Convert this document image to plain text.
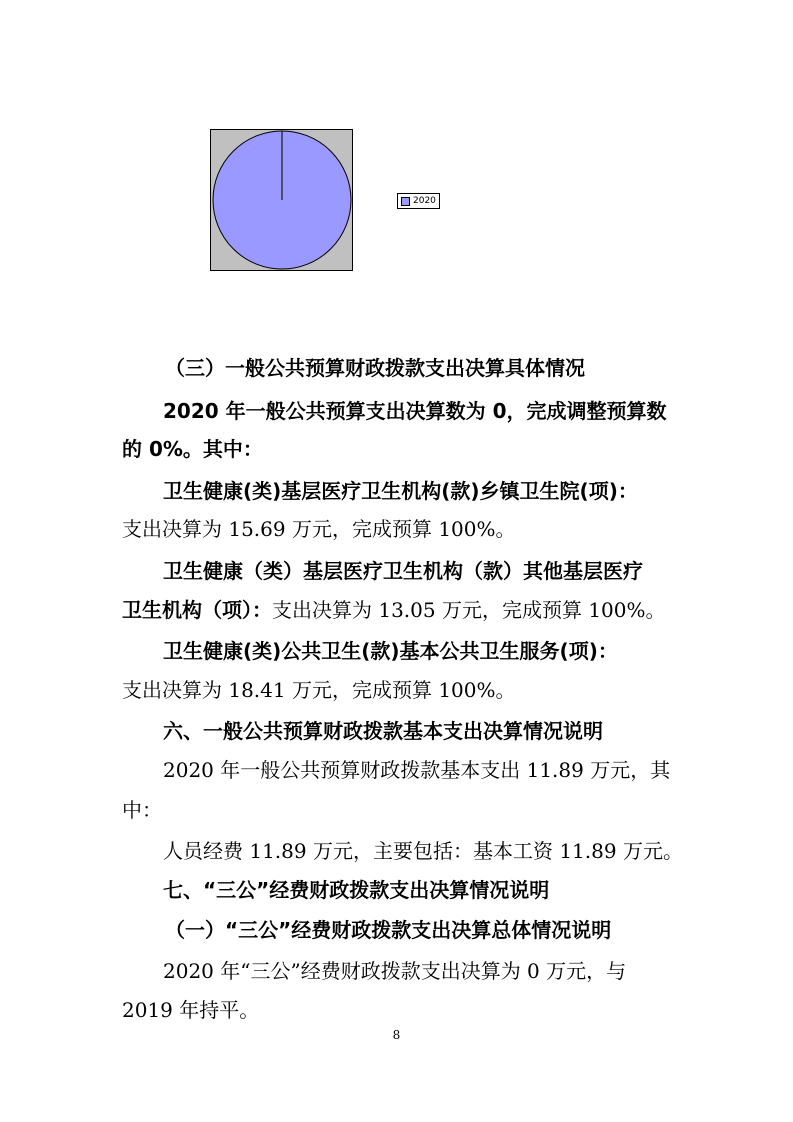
2020
（三）一般公共预算财政拨款支出决算具体情况
2020 年一般公共预算支出决算数为 0，完成调整预算数
的 0%。其中：
卫生健康(类)基层医疗卫生机构(款)乡镇卫生院(项)：
支出决算为 15.69 万元，完成预算 100%。
卫生健康（类）基层医疗卫生机构（款）其他基层医疗
卫生机构（项）：支出决算为 13.05 万元，完成预算 100%。
卫生健康(类)公共卫生(款)基本公共卫生服务(项)：
支出决算为 18.41 万元，完成预算 100%。
六、一般公共预算财政拨款基本支出决算情况说明
2020 年一般公共预算财政拨款基本支出 11.89 万元，其
中：
人员经费 11.89 万元，主要包括：基本工资 11.89 万元。
七、“三公”经费财政拨款支出决算情况说明
（一）“三公”经费财政拨款支出决算总体情况说明
2020 年“三公”经费财政拨款支出决算为 0 万元，与
2019 年持平。
8
